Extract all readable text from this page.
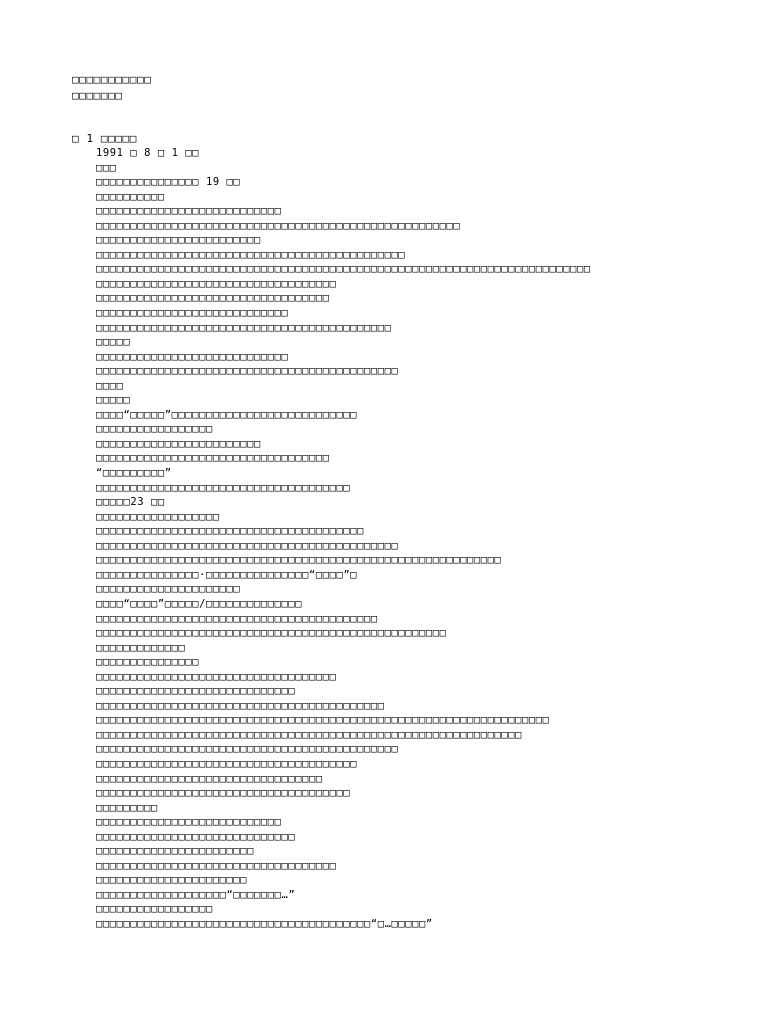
□□□□□□□□□□□
□□□□□□□
□ 1 □□□□□
1991 □ 8 □ 1 □□
□□□
□□□□□□□□□□□□□□□ 19 □□
□□□□□□□□□□
□□□□□□□□□□□□□□□□□□□□□□□□□□□
□□□□□□□□□□□□□□□□□□□□□□□□□□□□□□□□□□□□□□□□□□□□□□□□□□□□□
□□□□□□□□□□□□□□□□□□□□□□□□
□□□□□□□□□□□□□□□□□□□□□□□□□□□□□□□□□□□□□□□□□□□□□
□□□□□□□□□□□□□□□□□□□□□□□□□□□□□□□□□□□□□□□□□□□□□□□□□□□□□□□□□□□□□□□□□□□□□□□□
□□□□□□□□□□□□□□□□□□□□□□□□□□□□□□□□□□□
□□□□□□□□□□□□□□□□□□□□□□□□□□□□□□□□□□
□□□□□□□□□□□□□□□□□□□□□□□□□□□□
□□□□□□□□□□□□□□□□□□□□□□□□□□□□□□□□□□□□□□□□□□□
□□□□□
□□□□□□□□□□□□□□□□□□□□□□□□□□□□
□□□□□□□□□□□□□□□□□□□□□□□□□□□□□□□□□□□□□□□□□□□□
□□□□
□□□□□
□□□□“□□□□□”□□□□□□□□□□□□□□□□□□□□□□□□□□□
□□□□□□□□□□□□□□□□□
□□□□□□□□□□□□□□□□□□□□□□□□
□□□□□□□□□□□□□□□□□□□□□□□□□□□□□□□□□□
“□□□□□□□□□”
□□□□□□□□□□□□□□□□□□□□□□□□□□□□□□□□□□□□□
□□□□□23 □□
□□□□□□□□□□□□□□□□□□
□□□□□□□□□□□□□□□□□□□□□□□□□□□□□□□□□□□□□□□
□□□□□□□□□□□□□□□□□□□□□□□□□□□□□□□□□□□□□□□□□□□□
□□□□□□□□□□□□□□□□□□□□□□□□□□□□□□□□□□□□□□□□□□□□□□□□□□□□□□□□□□□
□□□□□□□□□□□□□□□·□□□□□□□□□□□□□□□“□□□□”□
□□□□□□□□□□□□□□□□□□□□□
□□□□“□□□□”□□□□□/□□□□□□□□□□□□□□
□□□□□□□□□□□□□□□□□□□□□□□□□□□□□□□□□□□□□□□□□
□□□□□□□□□□□□□□□□□□□□□□□□□□□□□□□□□□□□□□□□□□□□□□□□□□□
□□□□□□□□□□□□□
□□□□□□□□□□□□□□□
□□□□□□□□□□□□□□□□□□□□□□□□□□□□□□□□□□□
□□□□□□□□□□□□□□□□□□□□□□□□□□□□□
□□□□□□□□□□□□□□□□□□□□□□□□□□□□□□□□□□□□□□□□□□
□□□□□□□□□□□□□□□□□□□□□□□□□□□□□□□□□□□□□□□□□□□□□□□□□□□□□□□□□□□□□□□□□□
□□□□□□□□□□□□□□□□□□□□□□□□□□□□□□□□□□□□□□□□□□□□□□□□□□□□□□□□□□□□□□
□□□□□□□□□□□□□□□□□□□□□□□□□□□□□□□□□□□□□□□□□□□□
□□□□□□□□□□□□□□□□□□□□□□□□□□□□□□□□□□□□□□
□□□□□□□□□□□□□□□□□□□□□□□□□□□□□□□□□
□□□□□□□□□□□□□□□□□□□□□□□□□□□□□□□□□□□□□
□□□□□□□□□
□□□□□□□□□□□□□□□□□□□□□□□□□□□
□□□□□□□□□□□□□□□□□□□□□□□□□□□□□
□□□□□□□□□□□□□□□□□□□□□□□
□□□□□□□□□□□□□□□□□□□□□□□□□□□□□□□□□□□
□□□□□□□□□□□□□□□□□□□□□□
□□□□□□□□□□□□□□□□□□□“□□□□□□□…”
□□□□□□□□□□□□□□□□□
□□□□□□□□□□□□□□□□□□□□□□□□□□□□□□□□□□□□□□□□“□…□□□□□”
